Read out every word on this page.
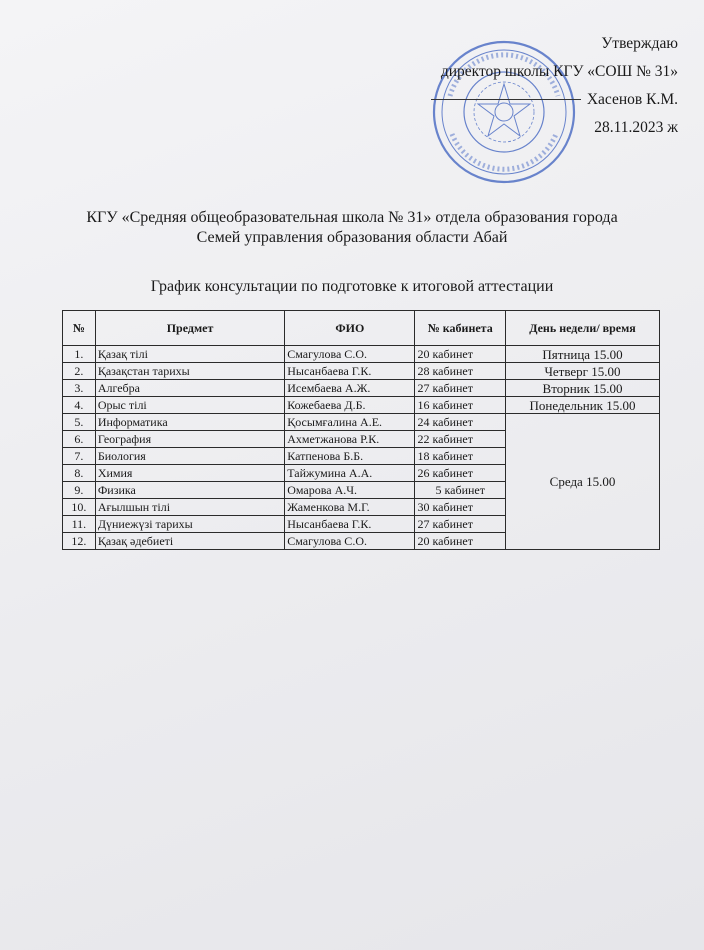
Утверждаю
директор школы КГУ «СОШ № 31»
Хасенов К.М.
28.11.2023 ж
КГУ «Средняя общеобразовательная школа № 31» отдела образования города
Семей управления образования области Абай
График консультации по подготовке к итоговой аттестации
№	Предмет	ФИО	№ кабинета	День недели/ время
1.	Қазақ тілі	Смагулова С.О.	20 кабинет	Пятница 15.00
2.	Қазақстан тарихы	Нысанбаева Г.К.	28 кабинет	Четверг 15.00
3.	Алгебра	Исембаева А.Ж.	27 кабинет	Вторник 15.00
4.	Орыс тілі	Кожебаева Д.Б.	16 кабинет	Понедельник 15.00
5.	Информатика	Қосымғалина А.Е.	24 кабинет	Среда 15.00
6.	География	Ахметжанова Р.К.	22 кабинет	
7.	Биология	Катпенова Б.Б.	18 кабинет	
8.	Химия	Тайжумина А.А.	26 кабинет	
9.	Физика	Омарова А.Ч.	5 кабинет	
10.	Ағылшын тілі	Жаменкова М.Г.	30 кабинет	
11.	Дүниежүзі тарихы	Нысанбаева Г.К.	27 кабинет	
12.	Қазақ әдебиеті	Смагулова С.О.	20 кабинет	
